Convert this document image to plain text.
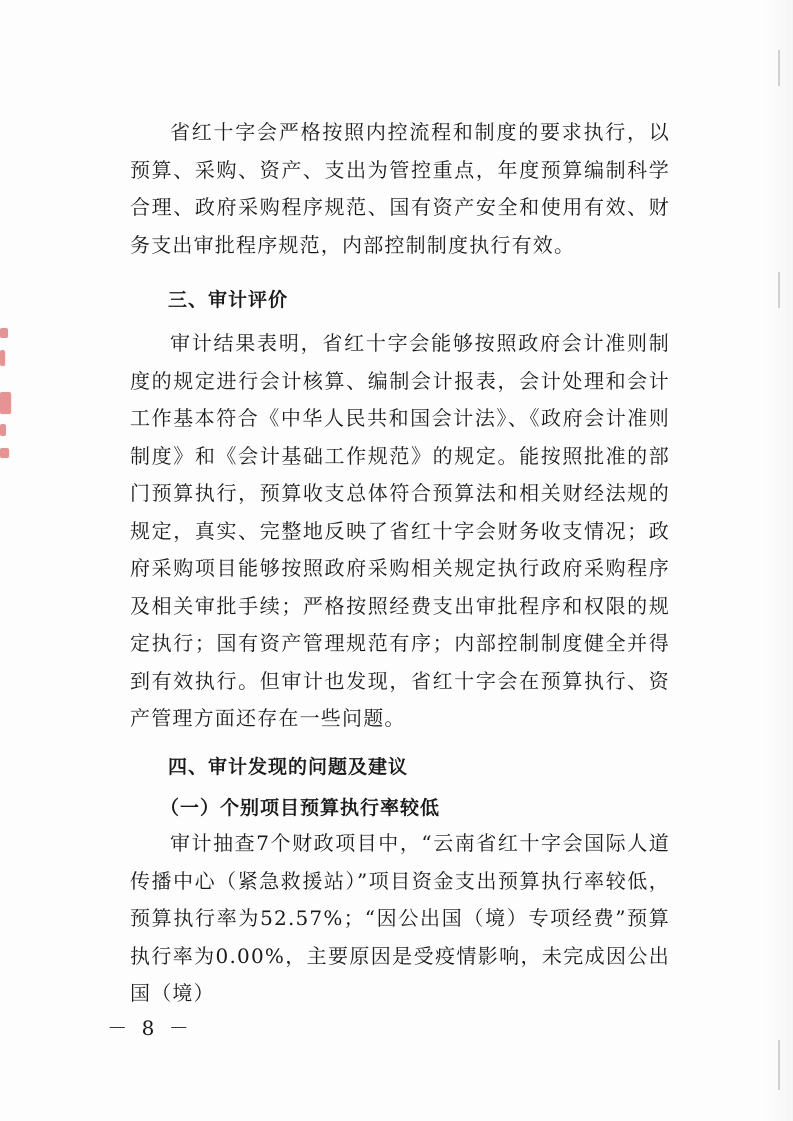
省红十字会严格按照内控流程和制度的要求执行，以预算、采购、资产、支出为管控重点，年度预算编制科学合理、政府采购程序规范、国有资产安全和使用有效、财务支出审批程序规范，内部控制制度执行有效。

三、审计评价

审计结果表明，省红十字会能够按照政府会计准则制度的规定进行会计核算、编制会计报表，会计处理和会计工作基本符合《中华人民共和国会计法》、《政府会计准则制度》和《会计基础工作规范》的规定。能按照批准的部门预算执行，预算收支总体符合预算法和相关财经法规的规定，真实、完整地反映了省红十字会财务收支情况；政府采购项目能够按照政府采购相关规定执行政府采购程序及相关审批手续；严格按照经费支出审批程序和权限的规定执行；国有资产管理规范有序；内部控制制度健全并得到有效执行。但审计也发现，省红十字会在预算执行、资产管理方面还存在一些问题。

四、审计发现的问题及建议
（一）个别项目预算执行率较低

审计抽查7个财政项目中，“云南省红十字会国际人道传播中心（紧急救援站）”项目资金支出预算执行率较低，预算执行率为52.57%；“因公出国（境）专项经费”预算执行率为0.00%，主要原因是受疫情影响，未完成因公出国（境）

－ 8 －
